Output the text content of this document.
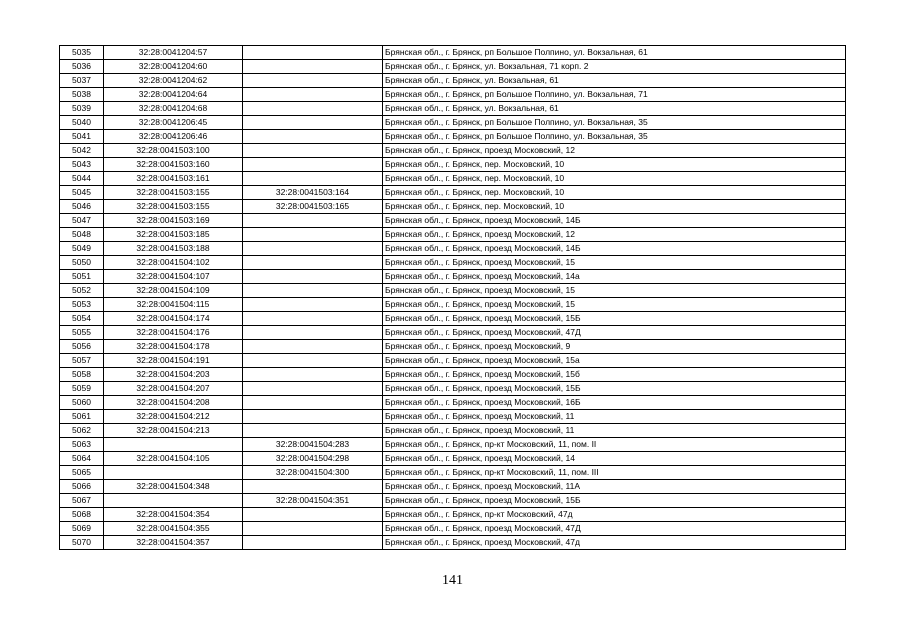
5035	32:28:0041204:57		Брянская обл., г. Брянск, рп Большое Полпино, ул. Вокзальная, 61
5036	32:28:0041204:60		Брянская обл., г. Брянск, ул. Вокзальная, 71 корп. 2
5037	32:28:0041204:62		Брянская обл., г. Брянск, ул. Вокзальная, 61
5038	32:28:0041204:64		Брянская обл., г. Брянск, рп Большое Полпино, ул. Вокзальная, 71
5039	32:28:0041204:68		Брянская обл., г. Брянск, ул. Вокзальная, 61
5040	32:28:0041206:45		Брянская обл., г. Брянск, рп Большое Полпино, ул. Вокзальная, 35
5041	32:28:0041206:46		Брянская обл., г. Брянск, рп Большое Полпино, ул. Вокзальная, 35
5042	32:28:0041503:100		Брянская обл., г. Брянск, проезд Московский, 12
5043	32:28:0041503:160		Брянская обл., г. Брянск, пер. Московский, 10
5044	32:28:0041503:161		Брянская обл., г. Брянск, пер. Московский, 10
5045	32:28:0041503:155	32:28:0041503:164	Брянская обл., г. Брянск, пер. Московский, 10
5046	32:28:0041503:155	32:28:0041503:165	Брянская обл., г. Брянск, пер. Московский, 10
5047	32:28:0041503:169		Брянская обл., г. Брянск, проезд Московский, 14Б
5048	32:28:0041503:185		Брянская обл., г. Брянск, проезд Московский, 12
5049	32:28:0041503:188		Брянская обл., г. Брянск, проезд Московский, 14Б
5050	32:28:0041504:102		Брянская обл., г. Брянск, проезд Московский, 15
5051	32:28:0041504:107		Брянская обл., г. Брянск, проезд Московский, 14а
5052	32:28:0041504:109		Брянская обл., г. Брянск, проезд Московский, 15
5053	32:28:0041504:115		Брянская обл., г. Брянск, проезд Московский, 15
5054	32:28:0041504:174		Брянская обл., г. Брянск, проезд Московский, 15Б
5055	32:28:0041504:176		Брянская обл., г. Брянск, проезд Московский, 47Д
5056	32:28:0041504:178		Брянская обл., г. Брянск, проезд Московский, 9
5057	32:28:0041504:191		Брянская обл., г. Брянск, проезд Московский, 15а
5058	32:28:0041504:203		Брянская обл., г. Брянск, проезд Московский, 15б
5059	32:28:0041504:207		Брянская обл., г. Брянск, проезд Московский, 15Б
5060	32:28:0041504:208		Брянская обл., г. Брянск, проезд Московский, 16Б
5061	32:28:0041504:212		Брянская обл., г. Брянск, проезд Московский, 11
5062	32:28:0041504:213		Брянская обл., г. Брянск, проезд Московский, 11
5063		32:28:0041504:283	Брянская обл., г. Брянск, пр-кт Московский, 11, пом. II
5064	32:28:0041504:105	32:28:0041504:298	Брянская обл., г. Брянск, проезд Московский, 14
5065		32:28:0041504:300	Брянская обл., г. Брянск, пр-кт Московский, 11, пом. III
5066	32:28:0041504:348		Брянская обл., г. Брянск, проезд Московский, 11А
5067		32:28:0041504:351	Брянская обл., г. Брянск, проезд Московский, 15Б
5068	32:28:0041504:354		Брянская обл., г. Брянск, пр-кт Московский, 47д
5069	32:28:0041504:355		Брянская обл., г. Брянск, проезд Московский, 47Д
5070	32:28:0041504:357		Брянская обл., г. Брянск, проезд Московский, 47д
141
